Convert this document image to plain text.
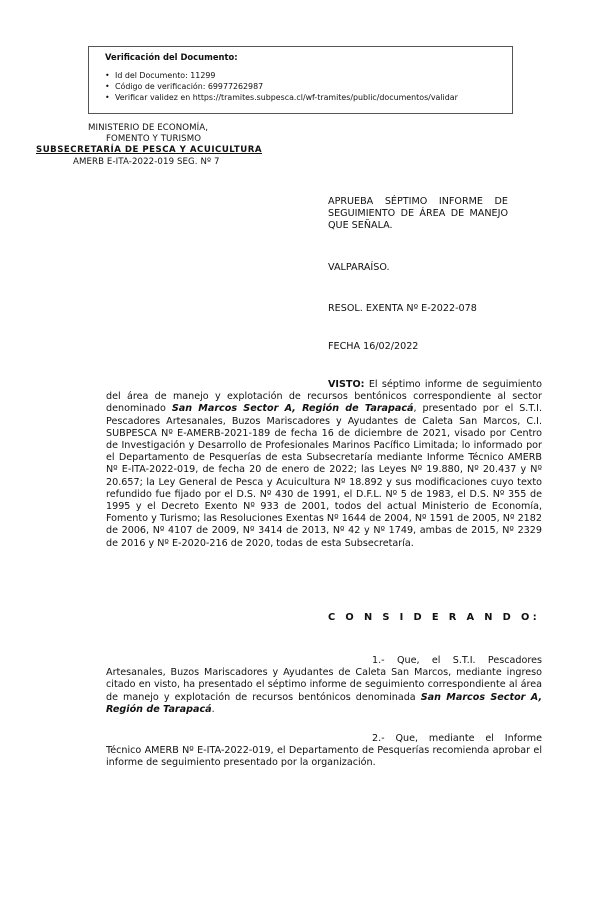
Verificación del Documento:
• Id del Documento: 11299
• Código de verificación: 69977262987
• Verificar validez en https://tramites.subpesca.cl/wf-tramites/public/documentos/validar
MINISTERIO DE ECONOMÍA,
FOMENTO Y TURISMO
SUBSECRETARÍA DE PESCA Y ACUICULTURA
AMERB E-ITA-2022-019 SEG. Nº 7
APRUEBA SÉPTIMO INFORME DE SEGUIMIENTO DE ÁREA DE MANEJO QUE SEÑALA.
VALPARAÍSO.
RESOL. EXENTA Nº E-2022-078
FECHA 16/02/2022
VISTO: El séptimo informe de seguimiento del área de manejo y explotación de recursos bentónicos correspondiente al sector denominado San Marcos Sector A, Región de Tarapacá, presentado por el S.T.I. Pescadores Artesanales, Buzos Mariscadores y Ayudantes de Caleta San Marcos, C.I. SUBPESCA Nº E-AMERB-2021-189 de fecha 16 de diciembre de 2021, visado por Centro de Investigación y Desarrollo de Profesionales Marinos Pacífico Limitada; lo informado por el Departamento de Pesquerías de esta Subsecretaría mediante Informe Técnico AMERB Nº E-ITA-2022-019, de fecha 20 de enero de 2022; las Leyes Nº 19.880, Nº 20.437 y Nº 20.657; la Ley General de Pesca y Acuicultura Nº 18.892 y sus modificaciones cuyo texto refundido fue fijado por el D.S. Nº 430 de 1991, el D.F.L. Nº 5 de 1983, el D.S. Nº 355 de 1995 y el Decreto Exento Nº 933 de 2001, todos del actual Ministerio de Economía, Fomento y Turismo; las Resoluciones Exentas Nº 1644 de 2004, Nº 1591 de 2005, Nº 2182 de 2006, Nº 4107 de 2009, Nº 3414 de 2013, Nº 42 y Nº 1749, ambas de 2015, Nº 2329 de 2016 y Nº E-2020-216 de 2020, todas de esta Subsecretaría.
C O N S I D E R A N D O:
1.- Que, el S.T.I. Pescadores Artesanales, Buzos Mariscadores y Ayudantes de Caleta San Marcos, mediante ingreso citado en visto, ha presentado el séptimo informe de seguimiento correspondiente al área de manejo y explotación de recursos bentónicos denominada San Marcos Sector A, Región de Tarapacá.
2.- Que, mediante el Informe Técnico AMERB Nº E-ITA-2022-019, el Departamento de Pesquerías recomienda aprobar el informe de seguimiento presentado por la organización.
